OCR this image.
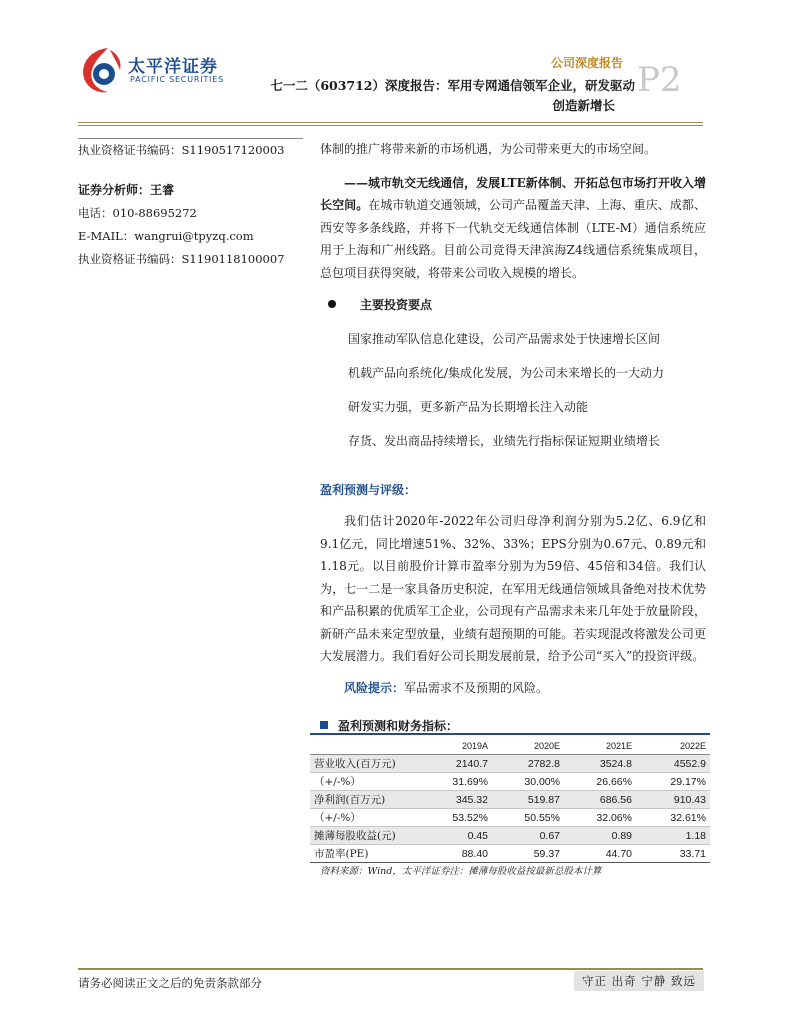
太平洋证券
PACIFIC SECURITIES
公司深度报告 P2
七一二（603712）深度报告：军用专网通信领军企业，研发驱动
创造新增长
执业资格证书编码：S1190517120003
证券分析师：王睿
电话：010-88695272
E-MAIL：wangrui@tpyzq.com
执业资格证书编码：S1190118100007

体制的推广将带来新的市场机遇，为公司带来更大的市场空间。

——城市轨交无线通信，发展LTE新体制、开拓总包市场打开收入增长空间。在城市轨道交通领域，公司产品覆盖天津、上海、重庆、成都、西安等多条线路，并将下一代轨交无线通信体制（LTE-M）通信系统应用于上海和广州线路。目前公司竞得天津滨海Z4线通信系统集成项目，总包项目获得突破，将带来公司收入规模的增长。

主要投资要点
国家推动军队信息化建设，公司产品需求处于快速增长区间
机载产品向系统化/集成化发展，为公司未来增长的一大动力
研发实力强，更多新产品为长期增长注入动能
存货、发出商品持续增长，业绩先行指标保证短期业绩增长
盈利预测与评级：

我们估计2020年-2022年公司归母净利润分别为5.2亿、6.9亿和9.1亿元，同比增速51%、32%、33%；EPS分别为0.67元、0.89元和1.18元。以目前股价计算市盈率分别为为59倍、45倍和34倍。我们认为，七一二是一家具备历史积淀，在军用无线通信领域具备绝对技术优势和产品积累的优质军工企业，公司现有产品需求未来几年处于放量阶段，新研产品未来定型放量，业绩有超预期的可能。若实现混改将激发公司更大发展潜力。我们看好公司长期发展前景，给予公司“买入”的投资评级。

风险提示：军品需求不及预期的风险。

盈利预测和财务指标：
	2019A	2020E	2021E	2022E
营业收入(百万元)	2140.7	2782.8	3524.8	4552.9
（+/-%）	31.69%	30.00%	26.66%	29.17%
净利润(百万元)	345.32	519.87	686.56	910.43
（+/-%）	53.52%	50.55%	32.06%	32.61%
摊薄每股收益(元)	0.45	0.67	0.89	1.18
市盈率(PE)	88.40	59.37	44.70	33.71
资料来源：Wind，太平洋证券注：摊薄每股收益按最新总股本计算
请务必阅读正文之后的免责条款部分	守正 出奇 宁静 致远
